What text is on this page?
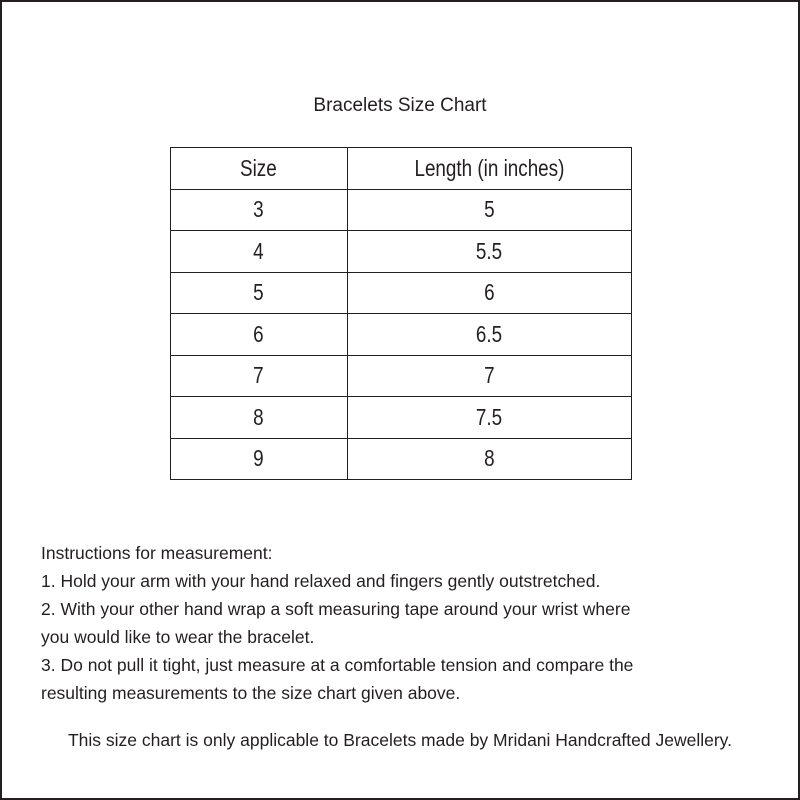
Bracelets Size Chart
Size	Length (in inches)
3	5
4	5.5
5	6
6	6.5
7	7
8	7.5
9	8
Instructions for measurement:
1. Hold your arm with your hand relaxed and fingers gently outstretched.
2. With your other hand wrap a soft measuring tape around your wrist where
you would like to wear the bracelet.
3. Do not pull it tight, just measure at a comfortable tension and compare the
resulting measurements to the size chart given above.
This size chart is only applicable to Bracelets made by Mridani Handcrafted Jewellery.
